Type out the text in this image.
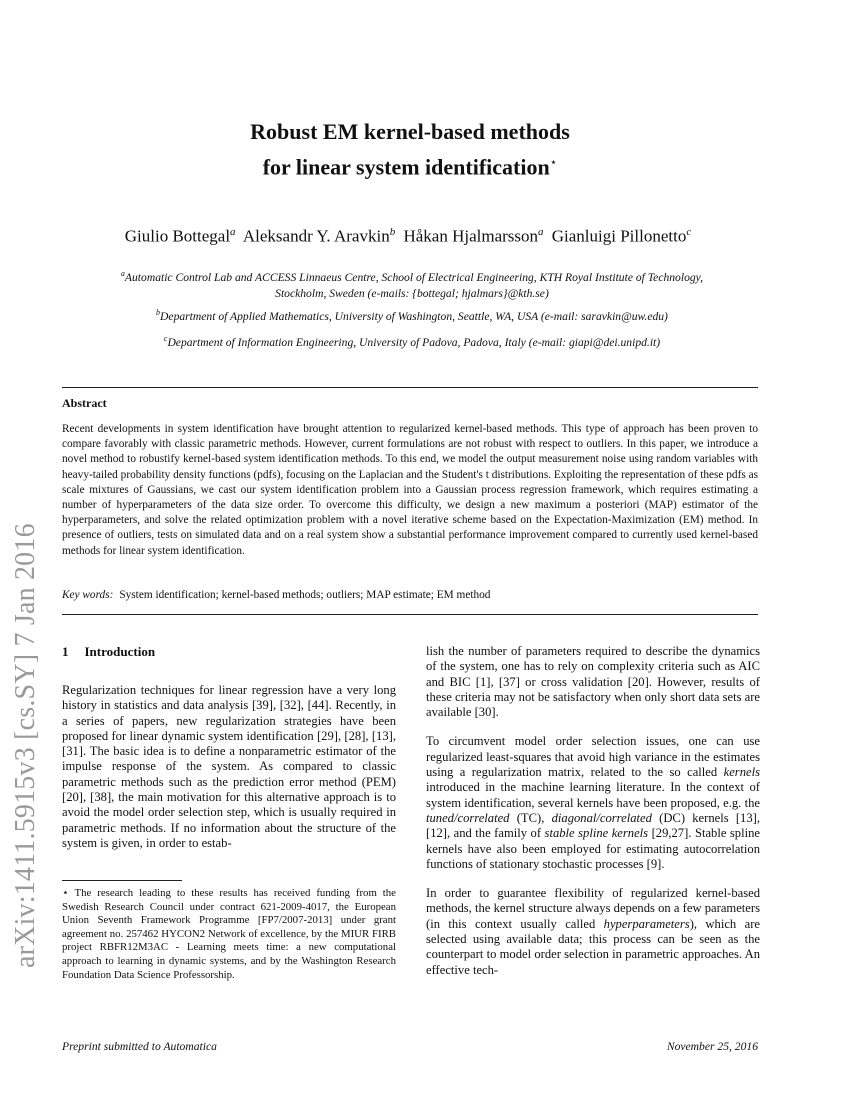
arXiv:1411.5915v3 [cs.SY] 7 Jan 2016
Robust EM kernel-based methods
for linear system identification⋆
Giulio Bottegal$^a$ Aleksandr Y. Aravkin$^b$ Håkan Hjalmarsson$^a$ Gianluigi Pillonetto$^c$
$^a$Automatic Control Lab and ACCESS Linnaeus Centre, School of Electrical Engineering, KTH Royal Institute of Technology,
Stockholm, Sweden (e-mails: {bottegal; hjalmars}@kth.se)
$^b$Department of Applied Mathematics, University of Washington, Seattle, WA, USA (e-mail: saravkin@uw.edu)
$^c$Department of Information Engineering, University of Padova, Padova, Italy (e-mail: giapi@dei.unipd.it)
Abstract
Recent developments in system identification have brought attention to regularized kernel-based methods. This type of approach has been proven to compare favorably with classic parametric methods. However, current formulations are not robust with respect to outliers. In this paper, we introduce a novel method to robustify kernel-based system identification methods. To this end, we model the output measurement noise using random variables with heavy-tailed probability density functions (pdfs), focusing on the Laplacian and the Student's t distributions. Exploiting the representation of these pdfs as scale mixtures of Gaussians, we cast our system identification problem into a Gaussian process regression framework, which requires estimating a number of hyperparameters of the data size order. To overcome this difficulty, we design a new maximum a posteriori (MAP) estimator of the hyperparameters, and solve the related optimization problem with a novel iterative scheme based on the Expectation-Maximization (EM) method. In presence of outliers, tests on simulated data and on a real system show a substantial performance improvement compared to currently used kernel-based methods for linear system identification.
Key words: System identification; kernel-based methods; outliers; MAP estimate; EM method
1 Introduction

Regularization techniques for linear regression have a very long history in statistics and data analysis [39], [32], [44]. Recently, in a series of papers, new regularization strategies have been proposed for linear dynamic system identification [29], [28], [13], [31]. The basic idea is to define a nonparametric estimator of the impulse response of the system. As compared to classic parametric methods such as the prediction error method (PEM) [20], [38], the main motivation for this alternative approach is to avoid the model order selection step, which is usually required in parametric methods. If no information about the structure of the system is given, in order to estab-

lish the number of parameters required to describe the dynamics of the system, one has to rely on complexity criteria such as AIC and BIC [1], [37] or cross validation [20]. However, results of these criteria may not be satisfactory when only short data sets are available [30].

To circumvent model order selection issues, one can use regularized least-squares that avoid high variance in the estimates using a regularization matrix, related to the so called kernels introduced in the machine learning literature. In the context of system identification, several kernels have been proposed, e.g. the tuned/correlated (TC), diagonal/correlated (DC) kernels [13], [12], and the family of stable spline kernels [29,27]. Stable spline kernels have also been employed for estimating autocorrelation functions of stationary stochastic processes [9].

In order to guarantee flexibility of regularized kernel-based methods, the kernel structure always depends on a few parameters (in this context usually called hyperparameters), which are selected using available data; this process can be seen as the counterpart to model order selection in parametric approaches. An effective tech-

⋆ The research leading to these results has received funding from the Swedish Research Council under contract 621-2009-4017, the European Union Seventh Framework Programme [FP7/2007-2013] under grant agreement no. 257462 HYCON2 Network of excellence, by the MIUR FIRB project RBFR12M3AC - Learning meets time: a new computational approach to learning in dynamic systems, and by the Washington Research Foundation Data Science Professorship.
Preprint submitted to Automatica	November 25, 2016
